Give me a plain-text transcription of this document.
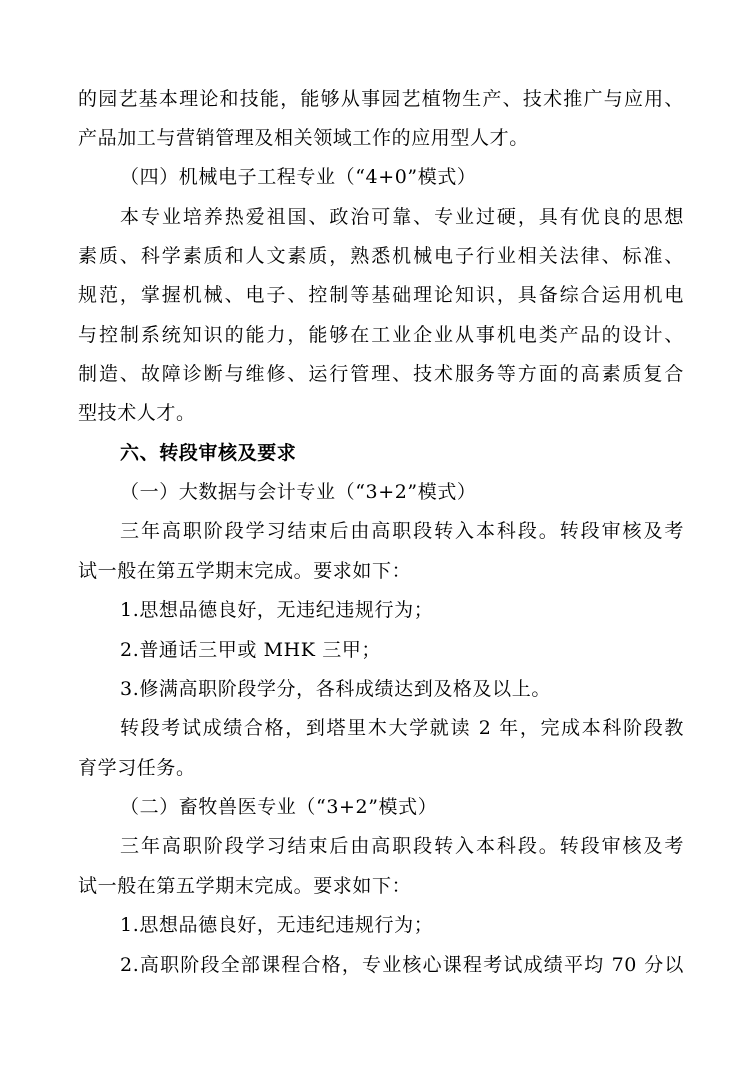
的园艺基本理论和技能，能够从事园艺植物生产、技术推广与应用、
产品加工与营销管理及相关领域工作的应用型人才。
（四）机械电子工程专业（“4+0”模式）
本专业培养热爱祖国、政治可靠、专业过硬，具有优良的思想
素质、科学素质和人文素质，熟悉机械电子行业相关法律、标准、
规范，掌握机械、电子、控制等基础理论知识，具备综合运用机电
与控制系统知识的能力，能够在工业企业从事机电类产品的设计、
制造、故障诊断与维修、运行管理、技术服务等方面的高素质复合
型技术人才。
六、转段审核及要求
（一）大数据与会计专业（“3+2”模式）
三年高职阶段学习结束后由高职段转入本科段。转段审核及考
试一般在第五学期末完成。要求如下：
1.思想品德良好，无违纪违规行为；
2.普通话三甲或 MHK 三甲；
3.修满高职阶段学分，各科成绩达到及格及以上。
转段考试成绩合格，到塔里木大学就读 2 年，完成本科阶段教
育学习任务。
（二）畜牧兽医专业（“3+2”模式）
三年高职阶段学习结束后由高职段转入本科段。转段审核及考
试一般在第五学期末完成。要求如下：
1.思想品德良好，无违纪违规行为；
2.高职阶段全部课程合格，专业核心课程考试成绩平均 70 分以
